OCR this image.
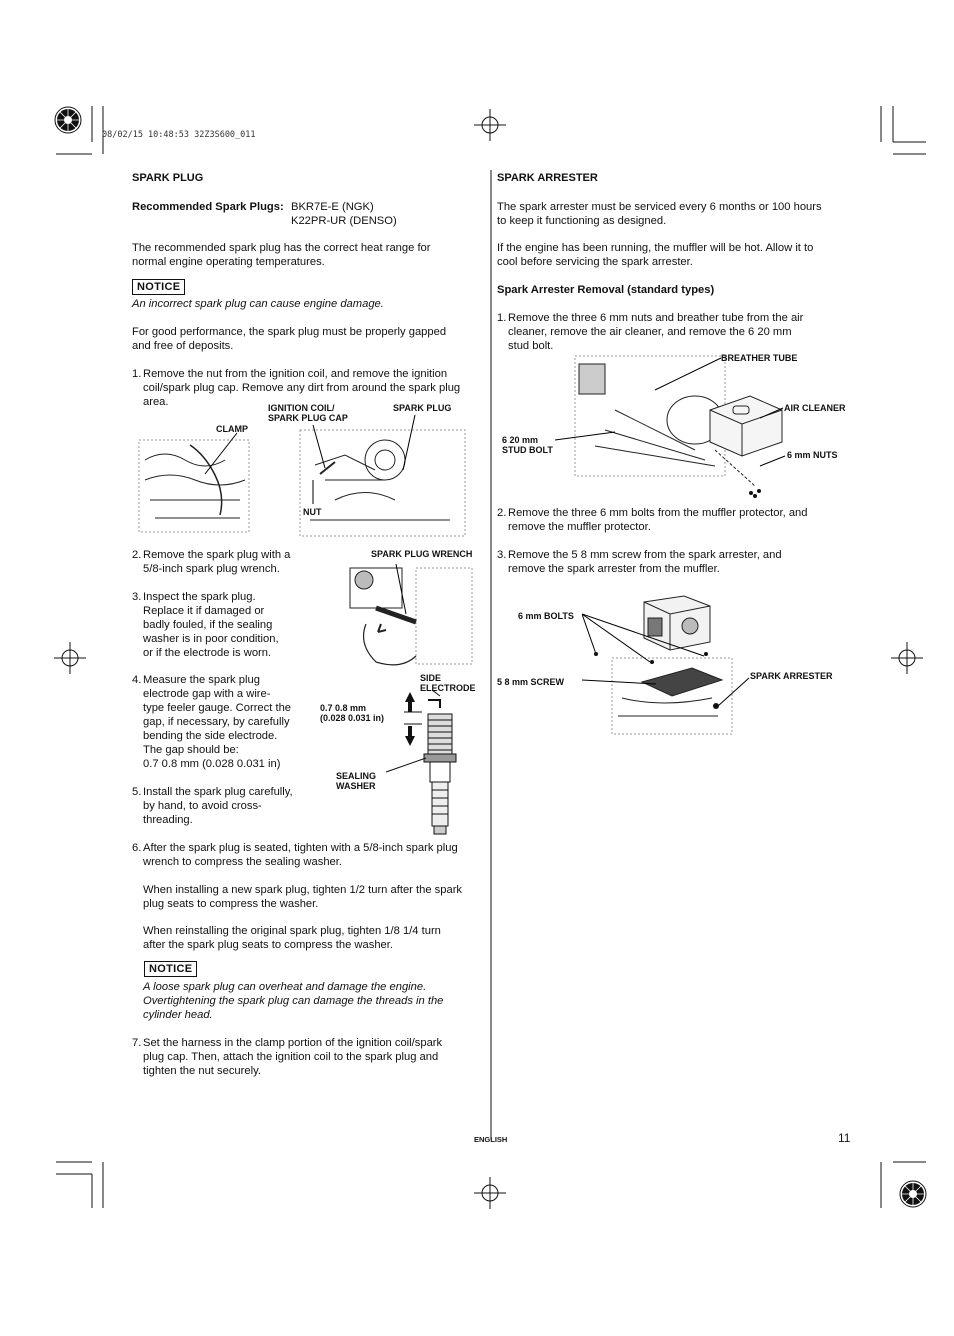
08/02/15 10:48:53 32Z3S600_011
SPARK PLUG
Recommended Spark Plugs: BKR7E-E (NGK)
K22PR-UR (DENSO)
The recommended spark plug has the correct heat range for
normal engine operating temperatures.
NOTICE
An incorrect spark plug can cause engine damage.
For good performance, the spark plug must be properly gapped
and free of deposits.
1. Remove the nut from the ignition coil, and remove the ignition
coil/spark plug cap. Remove any dirt from around the spark plug
area.
CLAMP
IGNITION COIL/
SPARK PLUG CAP
SPARK PLUG
NUT
2. Remove the spark plug with a
5/8-inch spark plug wrench.
3. Inspect the spark plug.
Replace it if damaged or
badly fouled, if the sealing
washer is in poor condition,
or if the electrode is worn.
SPARK PLUG WRENCH
4. Measure the spark plug
electrode gap with a wire-
type feeler gauge. Correct the
gap, if necessary, by carefully
bending the side electrode.
The gap should be:
0.7 0.8 mm (0.028 0.031 in)
SIDE
ELECTRODE
0.7 0.8 mm
(0.028 0.031 in)
SEALING
WASHER
5. Install the spark plug carefully,
by hand, to avoid cross-
threading.
6. After the spark plug is seated, tighten with a 5/8-inch spark plug
wrench to compress the sealing washer.
When installing a new spark plug, tighten 1/2 turn after the spark
plug seats to compress the washer.
When reinstalling the original spark plug, tighten 1/8 1/4 turn
after the spark plug seats to compress the washer.
NOTICE
A loose spark plug can overheat and damage the engine.
Overtightening the spark plug can damage the threads in the
cylinder head.
7. Set the harness in the clamp portion of the ignition coil/spark
plug cap. Then, attach the ignition coil to the spark plug and
tighten the nut securely.
SPARK ARRESTER
The spark arrester must be serviced every 6 months or 100 hours
to keep it functioning as designed.
If the engine has been running, the muffler will be hot. Allow it to
cool before servicing the spark arrester.
Spark Arrester Removal (standard types)
1. Remove the three 6 mm nuts and breather tube from the air
cleaner, remove the air cleaner, and remove the 6 20 mm
stud bolt.
BREATHER TUBE
AIR CLEANER
6 20 mm
STUD BOLT	6 mm NUTS
2. Remove the three 6 mm bolts from the muffler protector, and
remove the muffler protector.
3. Remove the 5 8 mm screw from the spark arrester, and
remove the spark arrester from the muffler.
6 mm BOLTS
5 8 mm SCREW
SPARK ARRESTER
ENGLISH	11
